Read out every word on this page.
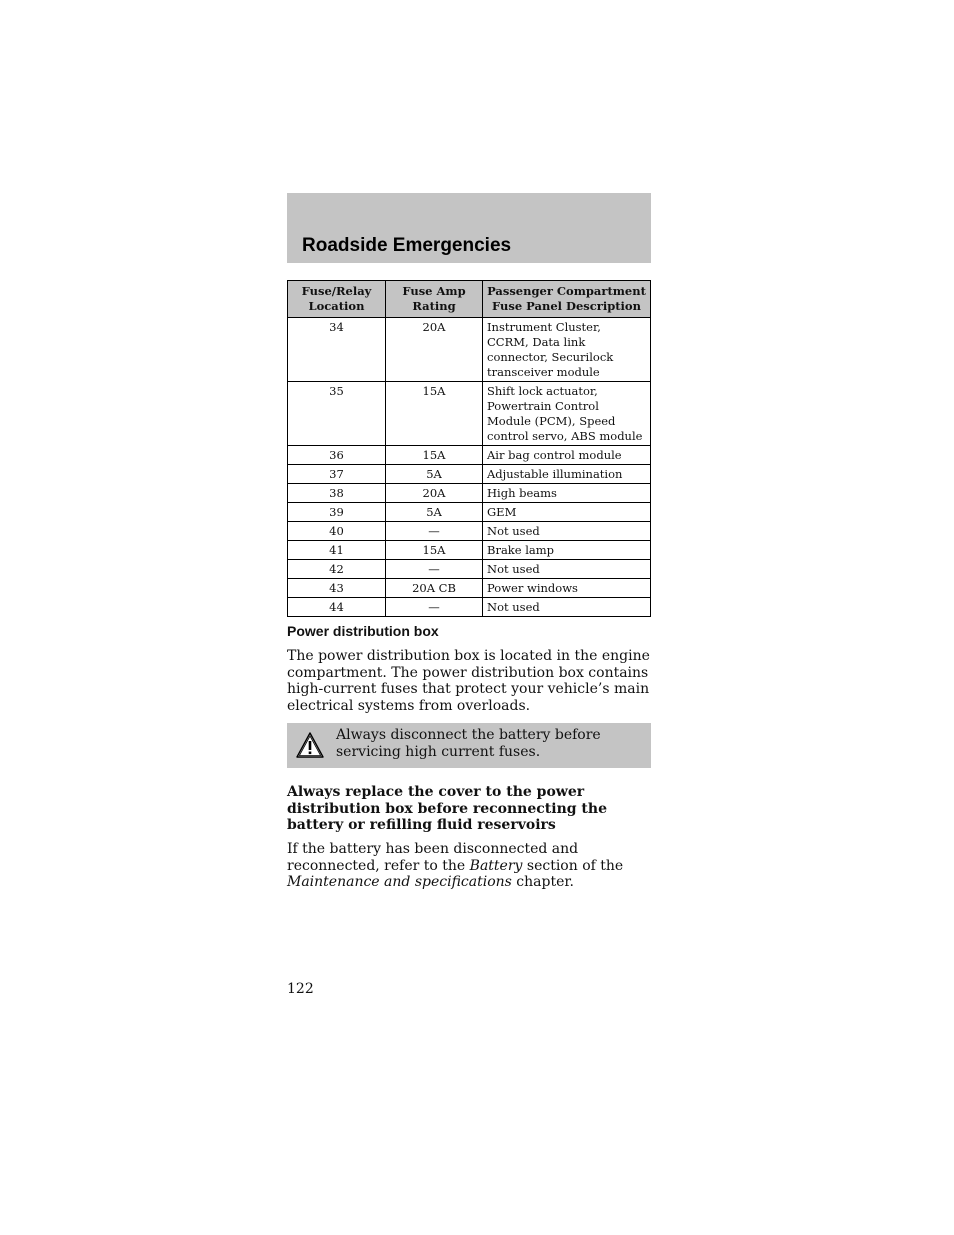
Roadside Emergencies
Fuse/Relay Location	Fuse Amp Rating	Passenger Compartment Fuse Panel Description
34	20A	Instrument Cluster, CCRM, Data link connector, Securilock transceiver module
35	15A	Shift lock actuator, Powertrain Control Module (PCM), Speed control servo, ABS module
36	15A	Air bag control module
37	5A	Adjustable illumination
38	20A	High beams
39	5A	GEM
40	—	Not used
41	15A	Brake lamp
42	—	Not used
43	20A CB	Power windows
44	—	Not used
Power distribution box
The power distribution box is located in the engine compartment. The power distribution box contains high-current fuses that protect your vehicle’s main electrical systems from overloads.
Always disconnect the battery before servicing high current fuses.
Always replace the cover to the power distribution box before reconnecting the battery or refilling fluid reservoirs
If the battery has been disconnected and reconnected, refer to the Battery section of the Maintenance and specifications chapter.
122
